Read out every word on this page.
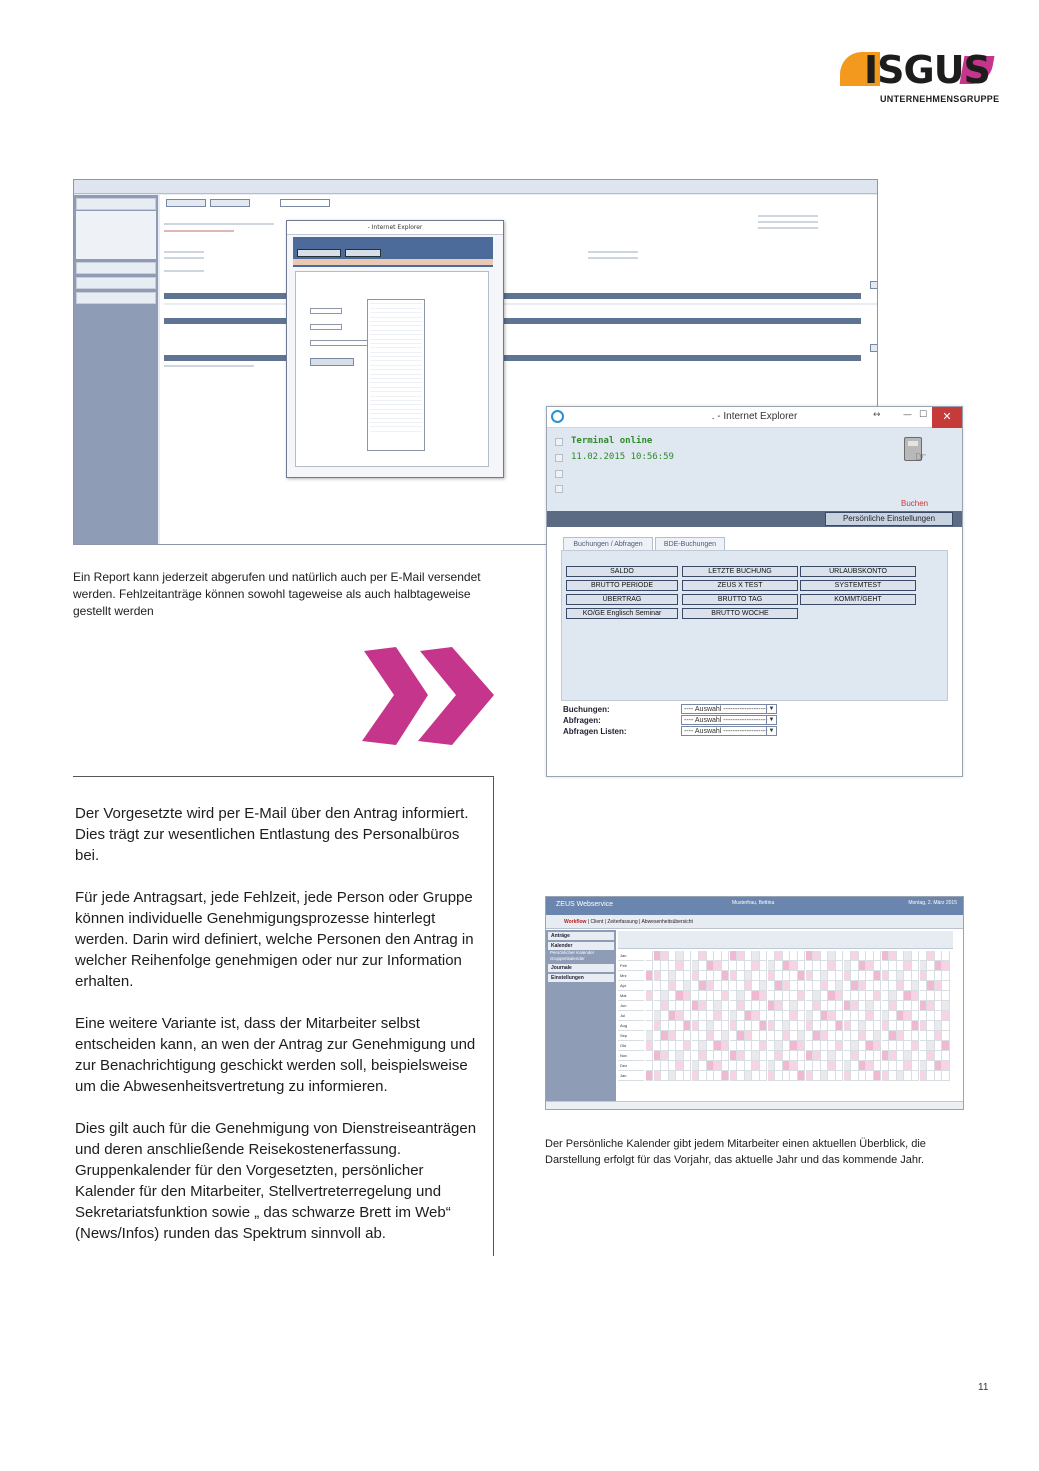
ISGUS
UNTERNEHMENSGRUPPE

- Internet Explorer
. - Internet Explorer	↔ — ☐	✕
Terminal online
11.02.2015 10:56:59	☞
Buchen
Persönliche Einstellungen
Buchungen / Abfragen	BDE-Buchungen
SALDO	LETZTE BUCHUNG	URLAUBSKONTO
BRUTTO PERIODE	ZEUS X TEST	SYSTEMTEST
ÜBERTRAG	BRUTTO TAG	KOMMT/GEHT
KO/GE Englisch Seminar	BRUTTO WOCHE
Buchungen:	---- Auswahl ------------------- ▼
Abfragen:	---- Auswahl ------------------- ▼
Abfragen Listen:	---- Auswahl ------------------- ▼
Ein Report kann jederzeit abgerufen und natürlich auch per E-Mail versendet werden. Fehlzeitanträge können sowohl tageweise als auch halbtageweise gestellt werden
Der Vorgesetzte wird per E-Mail über den Antrag informiert. Dies trägt zur wesentlichen Entlastung des Personalbüros bei.
Für jede Antragsart, jede Fehlzeit, jede Person oder Gruppe können individuelle Genehmigungsprozesse hinterlegt werden. Darin wird definiert, welche Personen den Antrag in welcher Reihenfolge genehmigen oder nur zur Information erhalten.
Eine weitere Variante ist, dass der Mitarbeiter selbst entscheiden kann, an wen der Antrag zur Genehmigung und zur Benachrichtigung geschickt werden soll, beispielsweise um die Abwesenheitsvertretung zu informieren.
Dies gilt auch für die Genehmigung von Dienstreiseanträgen und deren anschließende Reisekostenerfassung. Gruppenkalender für den Vorgesetzten, persönlicher Kalender für den Mitarbeiter, Stellvertreterregelung und Sekretariatsfunktion sowie „ das schwarze Brett im Web“ (News/Infos) runden das Spektrum sinnvoll ab.
ZEUS Webservice	Musterfrau, Bettina	Montag, 2. März 2015
Workflow | Client | Zeiterfassung | Abwesenheitsübersicht
Anträge
Kalender
Persönlicher Kalender
Gruppenkalender
Journale
Einstellungen
Jan
Feb
Mrz
Apr
Mai
Jun
Jul
Aug
Sep
Okt
Nov
Dez
Jan
Der Persönliche Kalender gibt jedem Mitarbeiter einen aktuellen Überblick, die Darstellung erfolgt für das Vorjahr, das aktuelle Jahr und das kommende Jahr.
11
